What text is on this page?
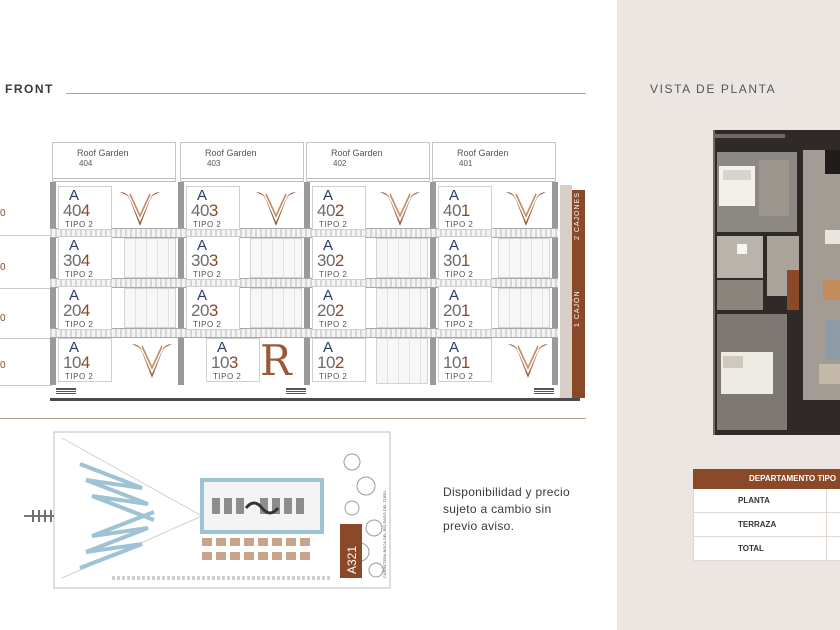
FRONT
0
0
0
0
Roof Garden
404
Roof Garden
403
Roof Garden
402
Roof Garden
401
A
404
TIPO 2
A
403
TIPO 2
A
402
TIPO 2
A
401
TIPO 2
A
304
TIPO 2
A
303
TIPO 2
A
302
TIPO 2
A
301
TIPO 2
A
204
TIPO 2
A
203
TIPO 2
A
202
TIPO 2
A
201
TIPO 2
A
104
TIPO 2
A
103
TIPO 2
A
102
TIPO 2
A
101
TIPO 2
R
2 CAJONES
1 CAJÓN
A321	CARRETERA BOCA DEL RÍO PASO DEL TORO	Disponibilidad y precio
sujeto a cambio sin
previo aviso.
VISTA DE PLANTA
DEPARTAMENTO TIPO
PLANTA
TERRAZA
TOTAL
